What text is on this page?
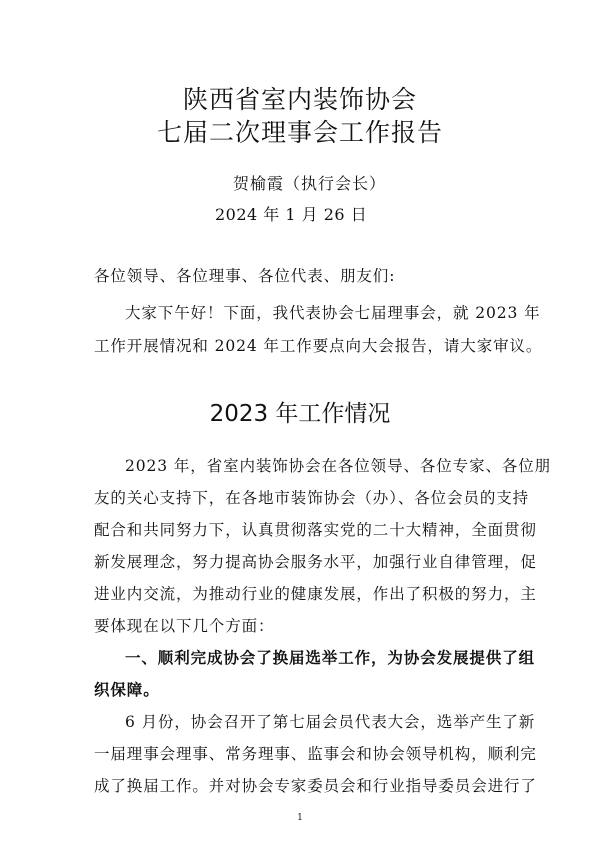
陕西省室内装饰协会
七届二次理事会工作报告
贺榆霞（执行会长）
2024 年 1 月 26 日
各位领导、各位理事、各位代表、朋友们:
大家下午好！下面，我代表协会七届理事会，就 2023 年
工作开展情况和 2024 年工作要点向大会报告，请大家审议。
2023 年工作情况
2023 年，省室内装饰协会在各位领导、各位专家、各位朋
友的关心支持下，在各地市装饰协会（办）、各位会员的支持
配合和共同努力下，认真贯彻落实党的二十大精神，全面贯彻
新发展理念，努力提高协会服务水平，加强行业自律管理，促
进业内交流，为推动行业的健康发展，作出了积极的努力，主
要体现在以下几个方面：
一、顺利完成协会了换届选举工作，为协会发展提供了组
织保障。
6 月份，协会召开了第七届会员代表大会，选举产生了新
一届理事会理事、常务理事、监事会和协会领导机构，顺利完
成了换届工作。并对协会专家委员会和行业指导委员会进行了
1
